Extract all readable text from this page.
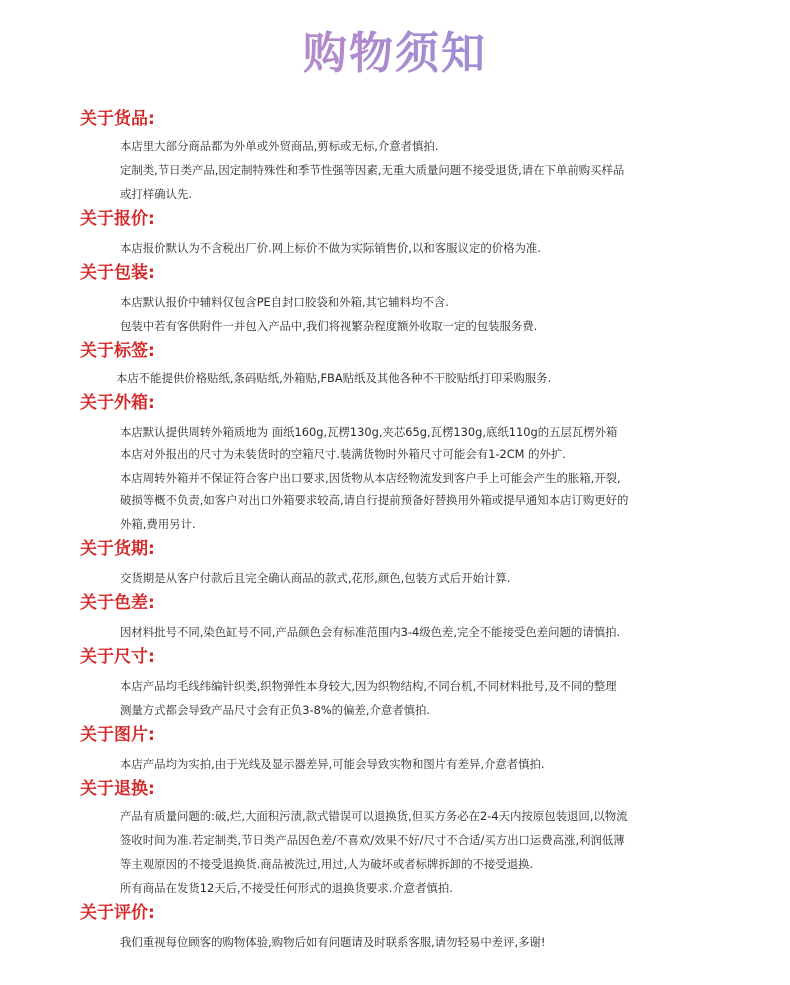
购物须知
关于货品:
本店里大部分商品都为外单或外贸商品,剪标或无标,介意者慎拍.
定制类,节日类产品,因定制特殊性和季节性强等因素,无重大质量问题不接受退货,请在下单前购买样品
或打样确认先.
关于报价:
本店报价默认为不含税出厂价.网上标价不做为实际销售价,以和客服议定的价格为准.
关于包装:
本店默认报价中辅料仅包含PE自封口胶袋和外箱,其它辅料均不含.
包装中若有客供附件一并包入产品中,我们将视繁杂程度额外收取一定的包装服务费.
关于标签:
本店不能提供价格贴纸,条码贴纸,外箱贴,FBA贴纸及其他各种不干胶贴纸打印采购服务.
关于外箱:
本店默认提供周转外箱质地为 面纸160g,瓦楞130g,夹芯65g,瓦楞130g,底纸110g的五层瓦楞外箱
本店对外报出的尺寸为未装货时的空箱尺寸.装满货物时外箱尺寸可能会有1-2CM 的外扩.
本店周转外箱并不保证符合客户出口要求,因货物从本店经物流发到客户手上可能会产生的胀箱,开裂,
破损等概不负责,如客户对出口外箱要求较高,请自行提前预备好替换用外箱或提早通知本店订购更好的
外箱,费用另计.
关于货期:
交货期是从客户付款后且完全确认商品的款式,花形,颜色,包装方式后开始计算.
关于色差:
因材料批号不同,染色缸号不同,产品颜色会有标准范围内3-4级色差,完全不能接受色差问题的请慎拍.
关于尺寸:
本店产品均毛线纬编针织类,织物弹性本身较大,因为织物结构,不同台机,不同材料批号,及不同的整理
测量方式都会导致产品尺寸会有正负3-8%的偏差,介意者慎拍.
关于图片:
本店产品均为实拍,由于光线及显示器差异,可能会导致实物和图片有差异,介意者慎拍.
关于退换:
产品有质量问题的:破,烂,大面积污渍,款式错误可以退换货,但买方务必在2-4天内按原包装退回,以物流
签收时间为准.若定制类,节日类产品因色差/不喜欢/效果不好/尺寸不合适/买方出口运费高涨,利润低薄
等主观原因的不接受退换货.商品被洗过,用过,人为破坏或者标牌拆卸的不接受退换.
所有商品在发货12天后,不接受任何形式的退换货要求.介意者慎拍.
关于评价:
我们重视每位顾客的购物体验,购物后如有问题请及时联系客服,请勿轻易中差评,多谢!
